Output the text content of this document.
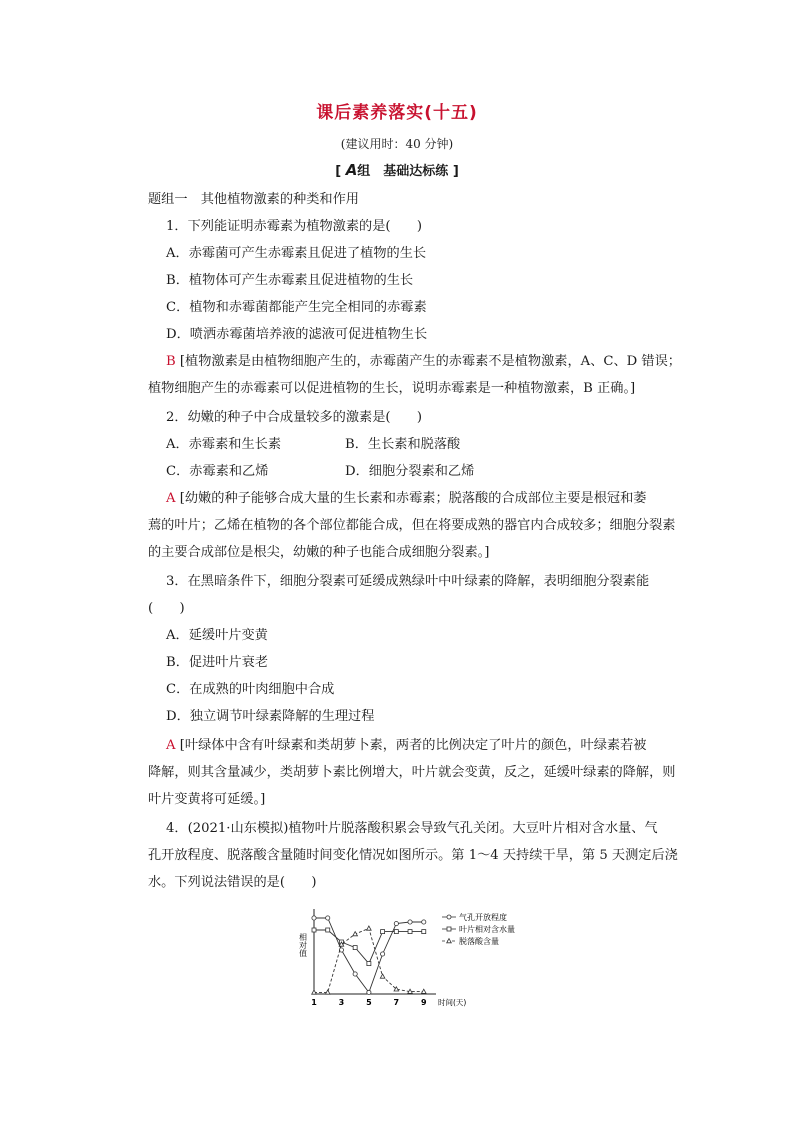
课后素养落实(十五)
(建议用时：40 分钟)
[ A组　基础达标练 ]
题组一　其他植物激素的种类和作用
1．下列能证明赤霉素为植物激素的是(　　)
A．赤霉菌可产生赤霉素且促进了植物的生长
B．植物体可产生赤霉素且促进植物的生长
C．植物和赤霉菌都能产生完全相同的赤霉素
D．喷洒赤霉菌培养液的滤液可促进植物生长
B [植物激素是由植物细胞产生的，赤霉菌产生的赤霉素不是植物激素，A、C、D 错误；
植物细胞产生的赤霉素可以促进植物的生长，说明赤霉素是一种植物激素，B 正确。]
2．幼嫩的种子中合成量较多的激素是(　　)
A．赤霉素和生长素	B．生长素和脱落酸
C．赤霉素和乙烯	D．细胞分裂素和乙烯
A [幼嫩的种子能够合成大量的生长素和赤霉素；脱落酸的合成部位主要是根冠和萎
蔫的叶片；乙烯在植物的各个部位都能合成，但在将要成熟的器官内合成较多；细胞分裂素
的主要合成部位是根尖，幼嫩的种子也能合成细胞分裂素。]
3．在黑暗条件下，细胞分裂素可延缓成熟绿叶中叶绿素的降解，表明细胞分裂素能
(　　)
A．延缓叶片变黄
B．促进叶片衰老
C．在成熟的叶肉细胞中合成
D．独立调节叶绿素降解的生理过程
A [叶绿体中含有叶绿素和类胡萝卜素，两者的比例决定了叶片的颜色，叶绿素若被
降解，则其含量减少，类胡萝卜素比例增大，叶片就会变黄，反之，延缓叶绿素的降解，则
叶片变黄将可延缓。]
4．(2021·山东模拟)植物叶片脱落酸积累会导致气孔关闭。大豆叶片相对含水量、气
孔开放程度、脱落酸含量随时间变化情况如图所示。第 1～4 天持续干旱，第 5 天测定后浇
水。下列说法错误的是(　　)
相对值
1	3	5	7	9 时间(天)
气孔开放程度
叶片相对含水量
脱落酸含量
